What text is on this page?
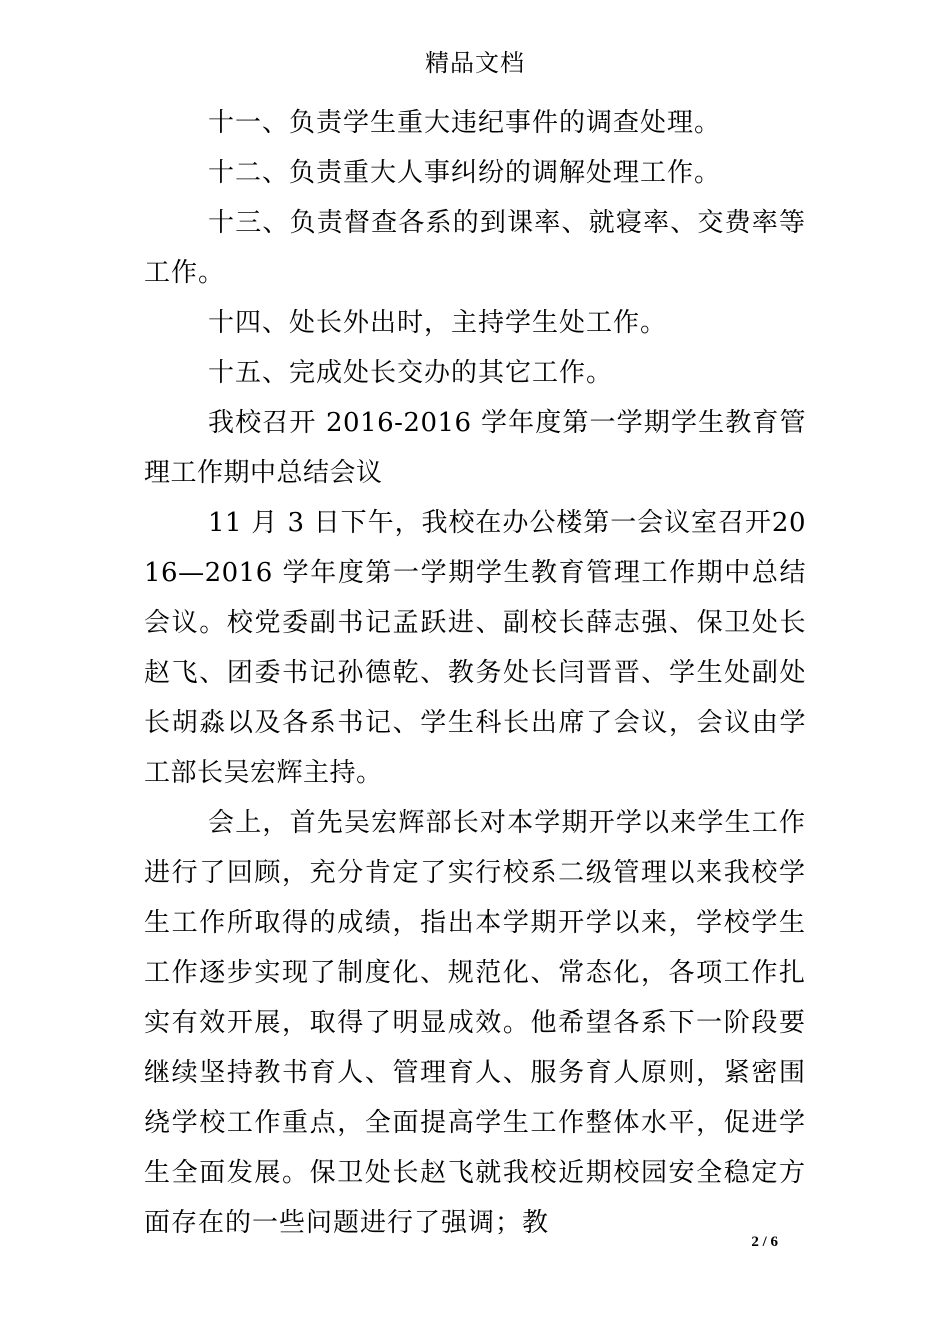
精品文档

十一、负责学生重大违纪事件的调查处理。

十二、负责重大人事纠纷的调解处理工作。

十三、负责督查各系的到课率、就寝率、交费率等工作。

十四、处长外出时，主持学生处工作。

十五、完成处长交办的其它工作。

我校召开 2016-2016 学年度第一学期学生教育管理工作期中总结会议

11 月 3 日下午，我校在办公楼第一会议室召开2016—2016 学年度第一学期学生教育管理工作期中总结会议。校党委副书记孟跃进、副校长薛志强、保卫处长赵飞、团委书记孙德乾、教务处长闫晋晋、学生处副处长胡淼以及各系书记、学生科长出席了会议，会议由学工部长吴宏辉主持。

会上，首先吴宏辉部长对本学期开学以来学生工作进行了回顾，充分肯定了实行校系二级管理以来我校学生工作所取得的成绩，指出本学期开学以来，学校学生工作逐步实现了制度化、规范化、常态化，各项工作扎实有效开展，取得了明显成效。他希望各系下一阶段要继续坚持教书育人、管理育人、服务育人原则，紧密围绕学校工作重点，全面提高学生工作整体水平，促进学生全面发展。保卫处长赵飞就我校近期校园安全稳定方面存在的一些问题进行了强调；教

2 / 6
